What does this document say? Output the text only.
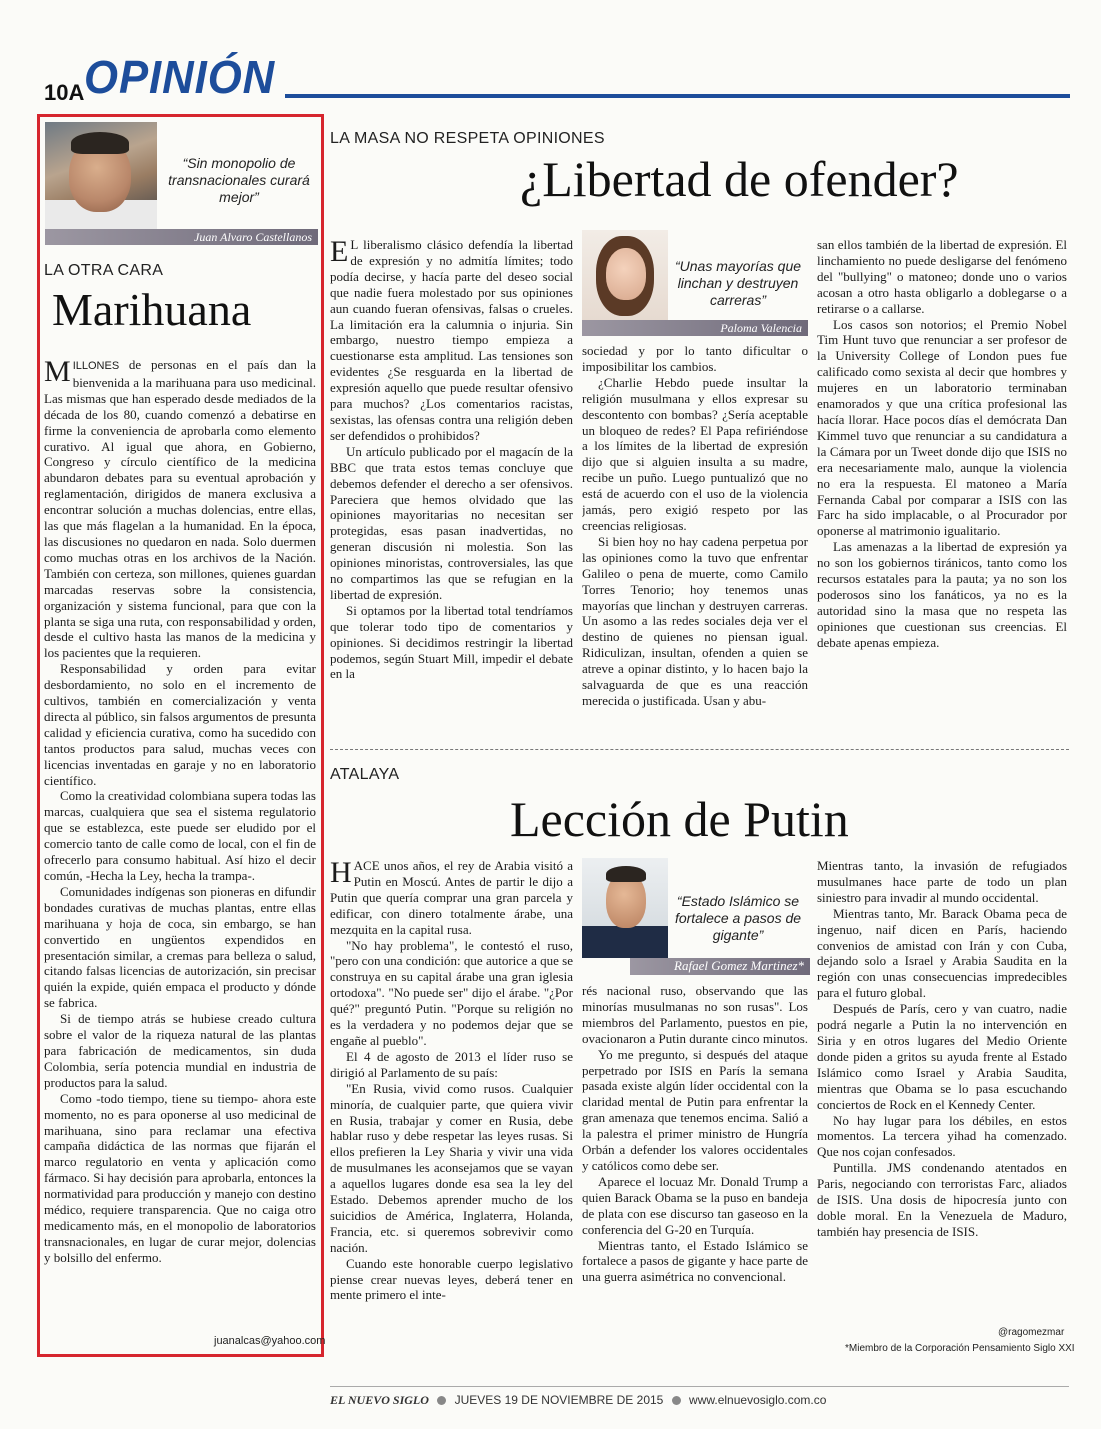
10A OPINIÓN
“Sin monopolio de transnacionales curará mejor”
Juan Alvaro Castellanos
LA OTRA CARA
Marihuana

MILLONES de personas en el país dan la bienvenida a la marihuana para uso medicinal. Las mismas que han esperado desde mediados de la década de los 80, cuando comenzó a debatirse en firme la conveniencia de aprobarla como elemento curativo. Al igual que ahora, en Gobierno, Congreso y círculo científico de la medicina abundaron debates para su eventual aprobación y reglamentación, dirigidos de manera exclusiva a encontrar solución a muchas dolencias, entre ellas, las que más flagelan a la humanidad. En la época, las discusiones no quedaron en nada. Solo duermen como muchas otras en los archivos de la Nación. También con certeza, son millones, quienes guardan marcadas reservas sobre la consistencia, organización y sistema funcional, para que con la planta se siga una ruta, con responsabilidad y orden, desde el cultivo hasta las manos de la medicina y los pacientes que la requieren.

Responsabilidad y orden para evitar desbordamiento, no solo en el incremento de cultivos, también en comercialización y venta directa al público, sin falsos argumentos de presunta calidad y eficiencia curativa, como ha sucedido con tantos productos para salud, muchas veces con licencias inventadas en garaje y no en laboratorio científico.

Como la creatividad colombiana supera todas las marcas, cualquiera que sea el sistema regulatorio que se establezca, este puede ser eludido por el comercio tanto de calle como de local, con el fin de ofrecerlo para consumo habitual. Así hizo el decir común, -Hecha la Ley, hecha la trampa-.

Comunidades indígenas son pioneras en difundir bondades curativas de muchas plantas, entre ellas marihuana y hoja de coca, sin embargo, se han convertido en ungüentos expendidos en presentación similar, a cremas para belleza o salud, citando falsas licencias de autorización, sin precisar quién la expide, quién empaca el producto y dónde se fabrica.

Si de tiempo atrás se hubiese creado cultura sobre el valor de la riqueza natural de las plantas para fabricación de medicamentos, sin duda Colombia, sería potencia mundial en industria de productos para la salud.

Como -todo tiempo, tiene su tiempo- ahora este momento, no es para oponerse al uso medicinal de marihuana, sino para reclamar una efectiva campaña didáctica de las normas que fijarán el marco regulatorio en venta y aplicación como fármaco. Si hay decisión para aprobarla, entonces la normatividad para producción y manejo con destino médico, requiere transparencia. Que no caiga otro medicamento más, en el monopolio de laboratorios transnacionales, en lugar de curar mejor, dolencias y bolsillo del enfermo.

juanalcas@yahoo.com
LA MASA NO RESPETA OPINIONES
¿Libertad de ofender?

E L liberalismo clásico defendía la libertad de expresión y no admitía límites; todo podía decirse, y hacía parte del deseo social que nadie fuera molestado por sus opiniones aun cuando fueran ofensivas, falsas o crueles. La limitación era la calumnia o injuria. Sin embargo, nuestro tiempo empieza a cuestionarse esta amplitud. Las tensiones son evidentes ¿Se resguarda en la libertad de expresión aquello que puede resultar ofensivo para muchos? ¿Los comentarios racistas, sexistas, las ofensas contra una religión deben ser defendidos o prohibidos?

Un artículo publicado por el magacín de la BBC que trata estos temas concluye que debemos defender el derecho a ser ofensivos. Pareciera que hemos olvidado que las opiniones mayoritarias no necesitan ser protegidas, esas pasan inadvertidas, no generan discusión ni molestia. Son las opiniones minoristas, controversiales, las que no compartimos las que se refugian en la libertad de expresión.

Si optamos por la libertad total tendríamos que tolerar todo tipo de comentarios y opiniones. Si decidimos restringir la libertad podemos, según Stuart Mill, impedir el debate en la

“Unas mayorías que linchan y destruyen carreras”
Paloma Valencia

sociedad y por lo tanto dificultar o imposibilitar los cambios.

¿Charlie Hebdo puede insultar la religión musulmana y ellos expresar su descontento con bombas? ¿Sería aceptable un bloqueo de redes? El Papa refiriéndose a los límites de la libertad de expresión dijo que si alguien insulta a su madre, recibe un puño. Luego puntualizó que no está de acuerdo con el uso de la violencia jamás, pero exigió respeto por las creencias religiosas.

Si bien hoy no hay cadena perpetua por las opiniones como la tuvo que enfrentar Galileo o pena de muerte, como Camilo Torres Tenorio; hoy tenemos unas mayorías que linchan y destruyen carreras. Un asomo a las redes sociales deja ver el destino de quienes no piensan igual. Ridiculizan, insultan, ofenden a quien se atreve a opinar distinto, y lo hacen bajo la salvaguarda de que es una reacción merecida o justificada. Usan y abu-

san ellos también de la libertad de expresión. El linchamiento no puede desligarse del fenómeno del "bullying" o matoneo; donde uno o varios acosan a otro hasta obligarlo a doblegarse o a retirarse o a callarse.

Los casos son notorios; el Premio Nobel Tim Hunt tuvo que renunciar a ser profesor de la University College of London pues fue calificado como sexista al decir que hombres y mujeres en un laboratorio terminaban enamorados y que una crítica profesional las hacía llorar. Hace pocos días el demócrata Dan Kimmel tuvo que renunciar a su candidatura a la Cámara por un Tweet donde dijo que ISIS no era necesariamente malo, aunque la violencia no era la respuesta. El matoneo a María Fernanda Cabal por comparar a ISIS con las Farc ha sido implacable, o al Procurador por oponerse al matrimonio igualitario.

Las amenazas a la libertad de expresión ya no son los gobiernos tiránicos, tanto como los recursos estatales para la pauta; ya no son los poderosos sino los fanáticos, ya no es la autoridad sino la masa que no respeta las opiniones que cuestionan sus creencias. El debate apenas empieza.

ATALAYA
Lección de Putin

HACE unos años, el rey de Arabia visitó a Putin en Moscú. Antes de partir le dijo a Putin que quería comprar una gran parcela y edificar, con dinero totalmente árabe, una mezquita en la capital rusa.

"No hay problema", le contestó el ruso, "pero con una condición: que autorice a que se construya en su capital árabe una gran iglesia ortodoxa". "No puede ser" dijo el árabe. "¿Por qué?" preguntó Putin. "Porque su religión no es la verdadera y no podemos dejar que se engañe al pueblo".

El 4 de agosto de 2013 el líder ruso se dirigió al Parlamento de su país:

"En Rusia, vivid como rusos. Cualquier minoría, de cualquier parte, que quiera vivir en Rusia, trabajar y comer en Rusia, debe hablar ruso y debe respetar las leyes rusas. Si ellos prefieren la Ley Sharia y vivir una vida de musulmanes les aconsejamos que se vayan a aquellos lugares donde esa sea la ley del Estado. Debemos aprender mucho de los suicidios de América, Inglaterra, Holanda, Francia, etc. si queremos sobrevivir como nación.

Cuando este honorable cuerpo legislativo piense crear nuevas leyes, deberá tener en mente primero el inte-

“Estado Islámico se fortalece a pasos de gigante”
Rafael Gomez Martinez*

rés nacional ruso, observando que las minorías musulmanas no son rusas". Los miembros del Parlamento, puestos en pie, ovacionaron a Putin durante cinco minutos.

Yo me pregunto, si después del ataque perpetrado por ISIS en París la semana pasada existe algún líder occidental con la claridad mental de Putin para enfrentar la gran amenaza que tenemos encima. Salió a la palestra el primer ministro de Hungría Orbán a defender los valores occidentales y católicos como debe ser.

Aparece el locuaz Mr. Donald Trump a quien Barack Obama se la puso en bandeja de plata con ese discurso tan gaseoso en la conferencia del G-20 en Turquía.

Mientras tanto, el Estado Islámico se fortalece a pasos de gigante y hace parte de una guerra asimétrica no convencional.

Mientras tanto, la invasión de refugiados musulmanes hace parte de todo un plan siniestro para invadir al mundo occidental.

Mientras tanto, Mr. Barack Obama peca de ingenuo, naif dicen en París, haciendo convenios de amistad con Irán y con Cuba, dejando solo a Israel y Arabia Saudita en la región con unas consecuencias impredecibles para el futuro global.

Después de París, cero y van cuatro, nadie podrá negarle a Putin la no intervención en Siria y en otros lugares del Medio Oriente donde piden a gritos su ayuda frente al Estado Islámico como Israel y Arabia Saudita, mientras que Obama se lo pasa escuchando conciertos de Rock en el Kennedy Center.

No hay lugar para los débiles, en estos momentos. La tercera yihad ha comenzado. Que nos cojan confesados.

Puntilla. JMS condenando atentados en Paris, negociando con terroristas Farc, aliados de ISIS. Una dosis de hipocresía junto con doble moral. En la Venezuela de Maduro, también hay presencia de ISIS.

@ragomezmar
*Miembro de la Corporación Pensamiento Siglo XXI
EL NUEVO SIGLO JUEVES 19 DE NOVIEMBRE DE 2015 www.elnuevosiglo.com.co
